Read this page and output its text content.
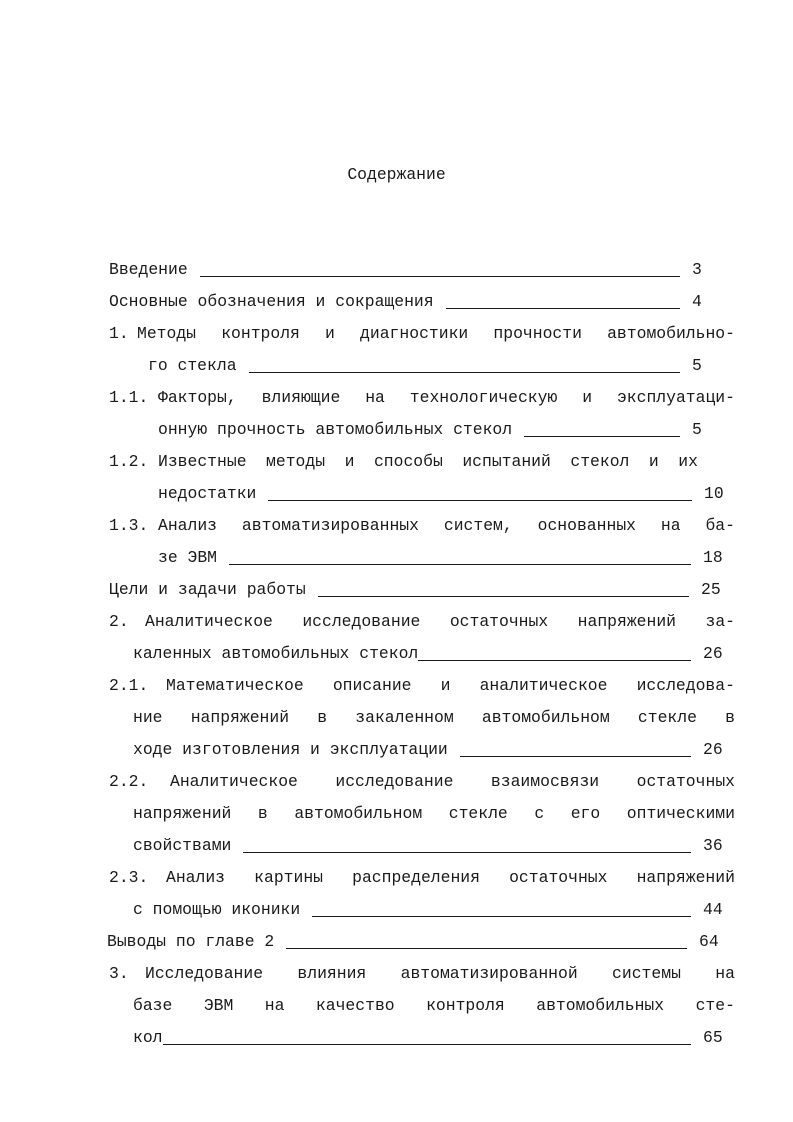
Содержание
Введение	3
Основные обозначения и сокращения	4
1. Методы контроля и диагностики прочности автомобильно-
го стекла	5
1.1. Факторы, влияющие на технологическую и эксплуатаци-
онную прочность автомобильных стекол	5
1.2. Известные методы и способы испытаний стекол и их
недостатки	10
1.3. Анализ автоматизированных систем, основанных на ба-
зе ЭВМ	18
Цели и задачи работы	25
2. Аналитическое исследование остаточных напряжений за-
каленных автомобильных стекол	26
2.1. Математическое описание и аналитическое исследова-
ние напряжений в закаленном автомобильном стекле в
ходе изготовления и эксплуатации	26
2.2. Аналитическое исследование взаимосвязи остаточных
напряжений в автомобильном стекле с его оптическими
свойствами	36
2.3. Анализ картины распределения остаточных напряжений
с помощью иконики	44
Выводы по главе 2	64
3. Исследование влияния автоматизированной системы на
базе ЭВМ на качество контроля автомобильных сте-
кол	65
